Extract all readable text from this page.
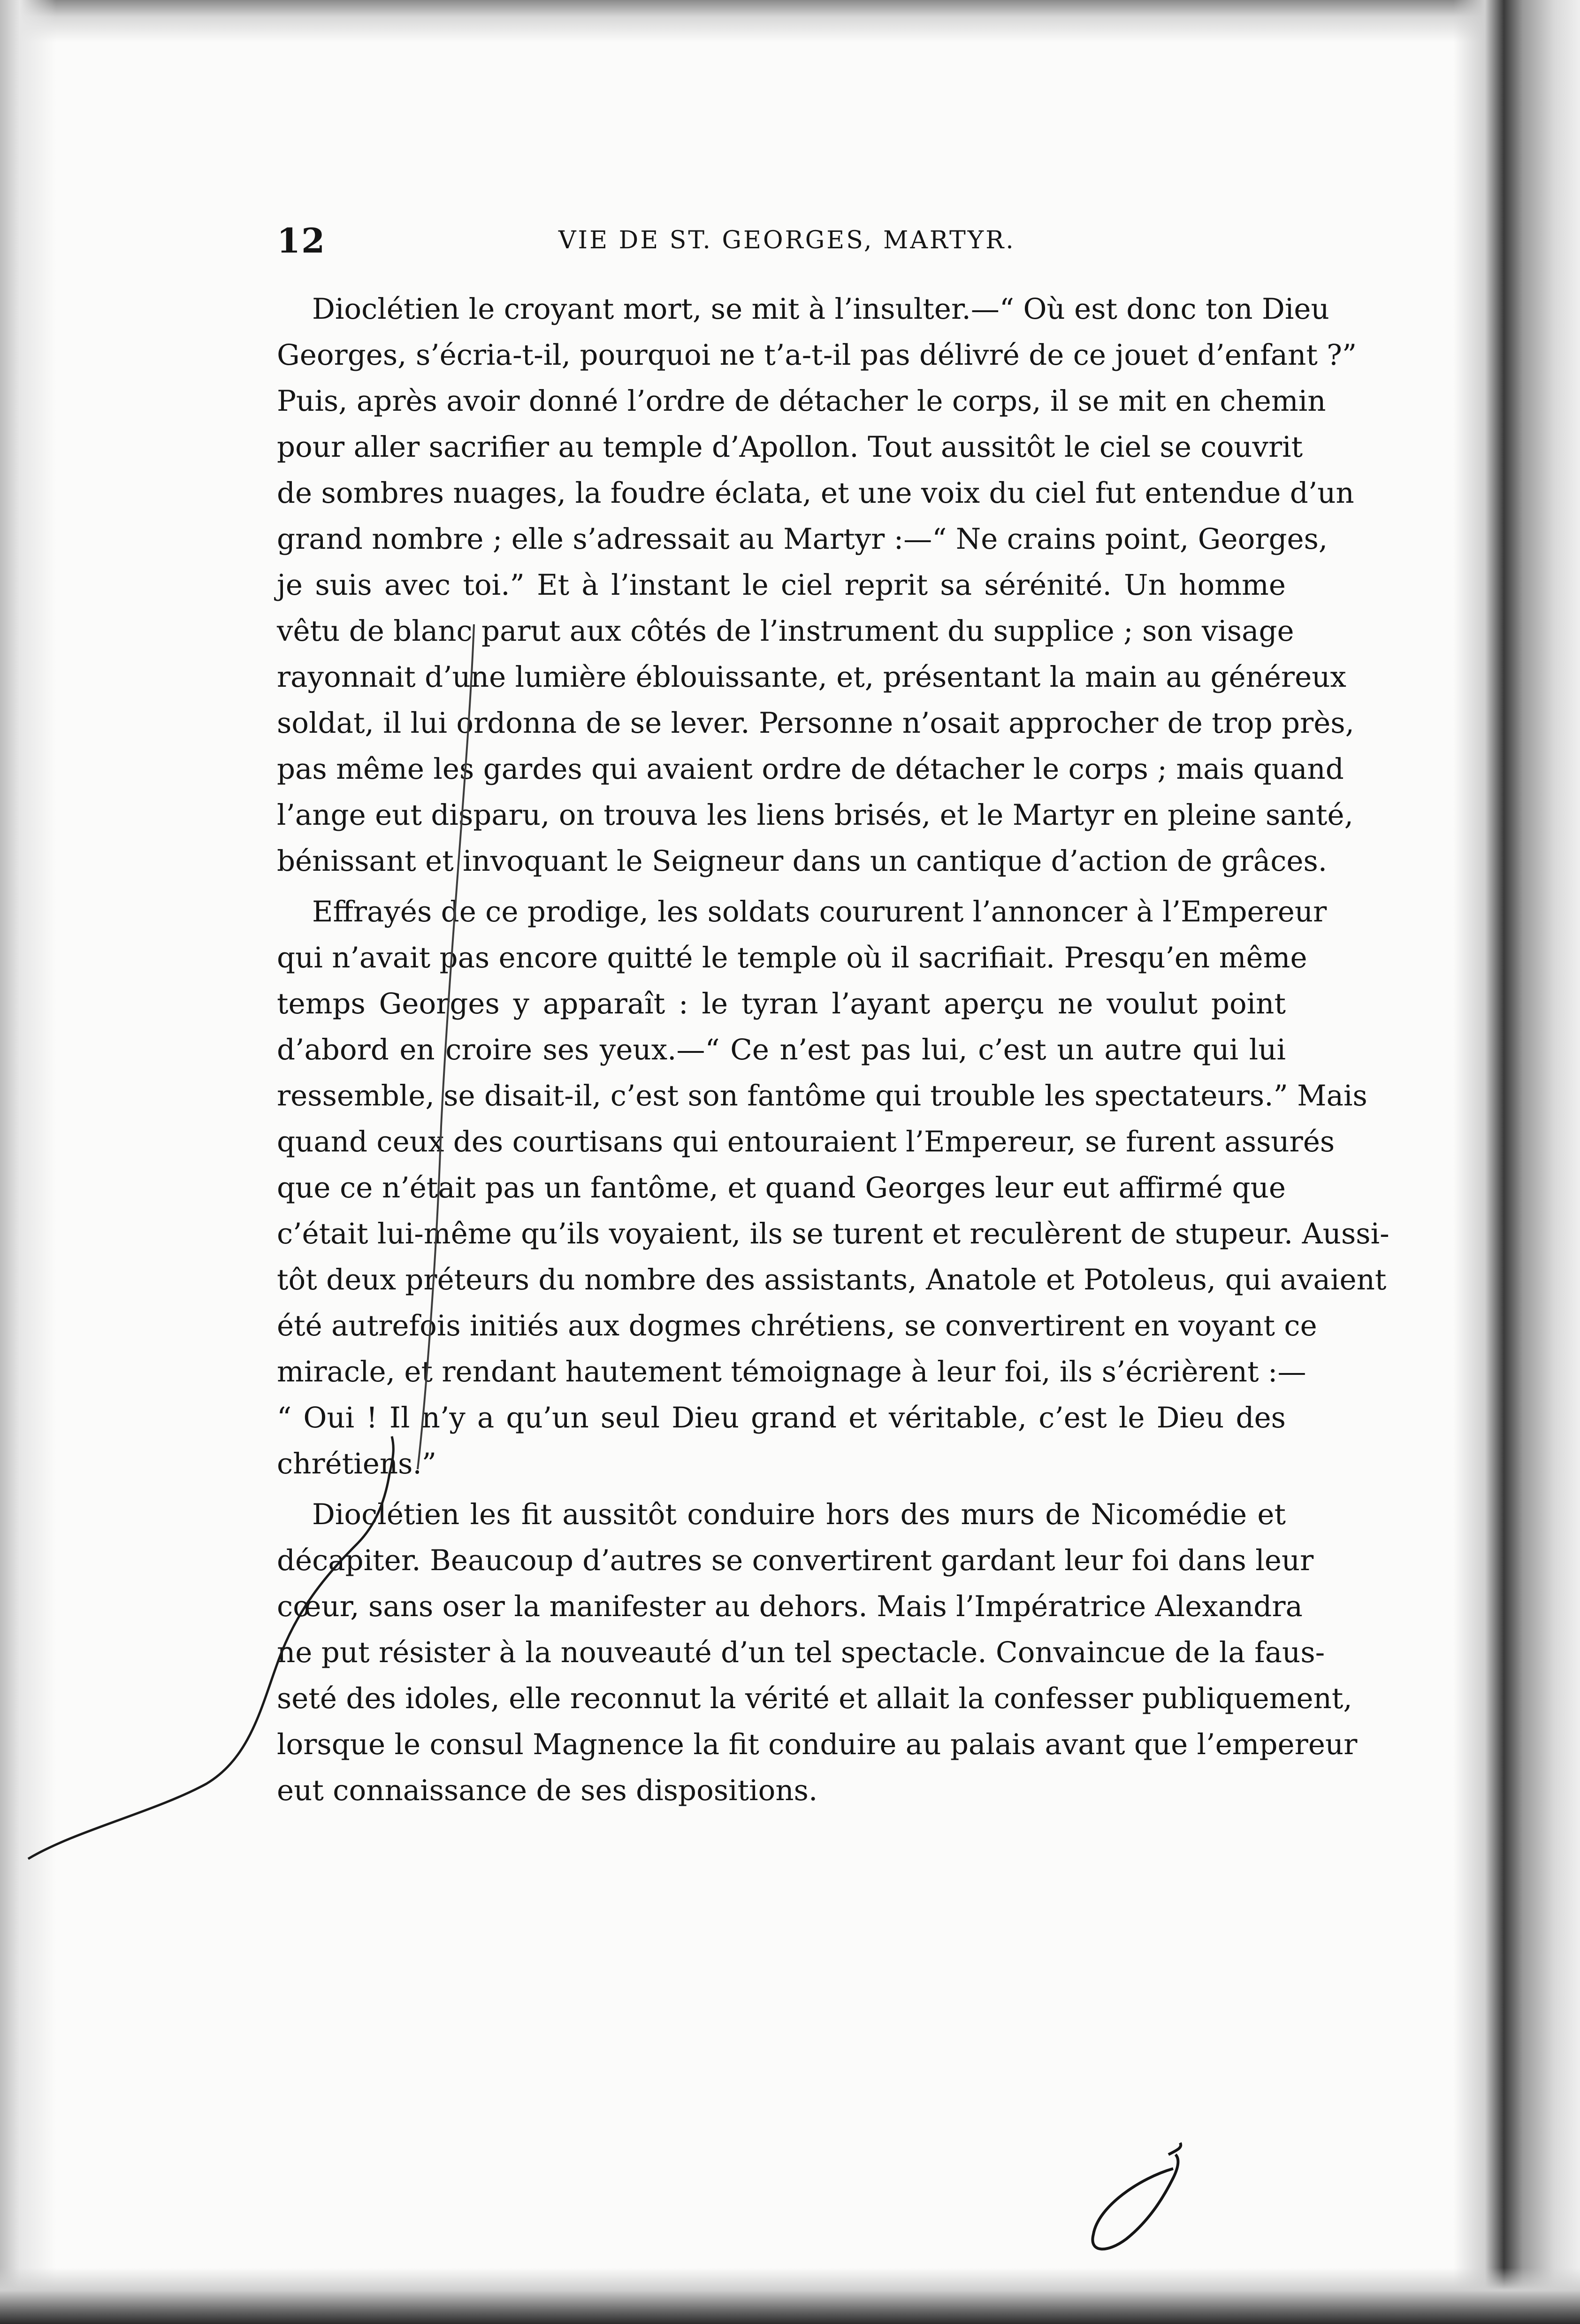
12	VIE DE ST. GEORGES, MARTYR.
Dioclétien le croyant mort, se mit à l’insulter.—“ Où est donc ton Dieu
Georges, s’écria-t-il, pourquoi ne t’a-t-il pas délivré de ce jouet d’enfant ?”
Puis, après avoir donné l’ordre de détacher le corps, il se mit en chemin
pour aller sacrifier au temple d’Apollon. Tout aussitôt le ciel se couvrit
de sombres nuages, la foudre éclata, et une voix du ciel fut entendue d’un
grand nombre ; elle s’adressait au Martyr :—“ Ne crains point, Georges,
je suis avec toi.” Et à l’instant le ciel reprit sa sérénité. Un homme
vêtu de blanc parut aux côtés de l’instrument du supplice ; son visage
rayonnait d’une lumière éblouissante, et, présentant la main au généreux
soldat, il lui ordonna de se lever. Personne n’osait approcher de trop près,
pas même les gardes qui avaient ordre de détacher le corps ; mais quand
l’ange eut disparu, on trouva les liens brisés, et le Martyr en pleine santé,
bénissant et invoquant le Seigneur dans un cantique d’action de grâces.
Effrayés de ce prodige, les soldats coururent l’annoncer à l’Empereur
qui n’avait pas encore quitté le temple où il sacrifiait. Presqu’en même
temps Georges y apparaît : le tyran l’ayant aperçu ne voulut point
d’abord en croire ses yeux.—“ Ce n’est pas lui, c’est un autre qui lui
ressemble, se disait-il, c’est son fantôme qui trouble les spectateurs.” Mais
quand ceux des courtisans qui entouraient l’Empereur, se furent assurés
que ce n’était pas un fantôme, et quand Georges leur eut affirmé que
c’était lui-même qu’ils voyaient, ils se turent et reculèrent de stupeur. Aussi-
tôt deux préteurs du nombre des assistants, Anatole et Potoleus, qui avaient
été autrefois initiés aux dogmes chrétiens, se convertirent en voyant ce
miracle, et rendant hautement témoignage à leur foi, ils s’écrièrent :—
“ Oui ! Il n’y a qu’un seul Dieu grand et véritable, c’est le Dieu des
chrétiens.”
Dioclétien les fit aussitôt conduire hors des murs de Nicomédie et
décapiter. Beaucoup d’autres se convertirent gardant leur foi dans leur
cœur, sans oser la manifester au dehors. Mais l’Impératrice Alexandra
ne put résister à la nouveauté d’un tel spectacle. Convaincue de la faus-
seté des idoles, elle reconnut la vérité et allait la confesser publiquement,
lorsque le consul Magnence la fit conduire au palais avant que l’empereur
eut connaissance de ses dispositions.
